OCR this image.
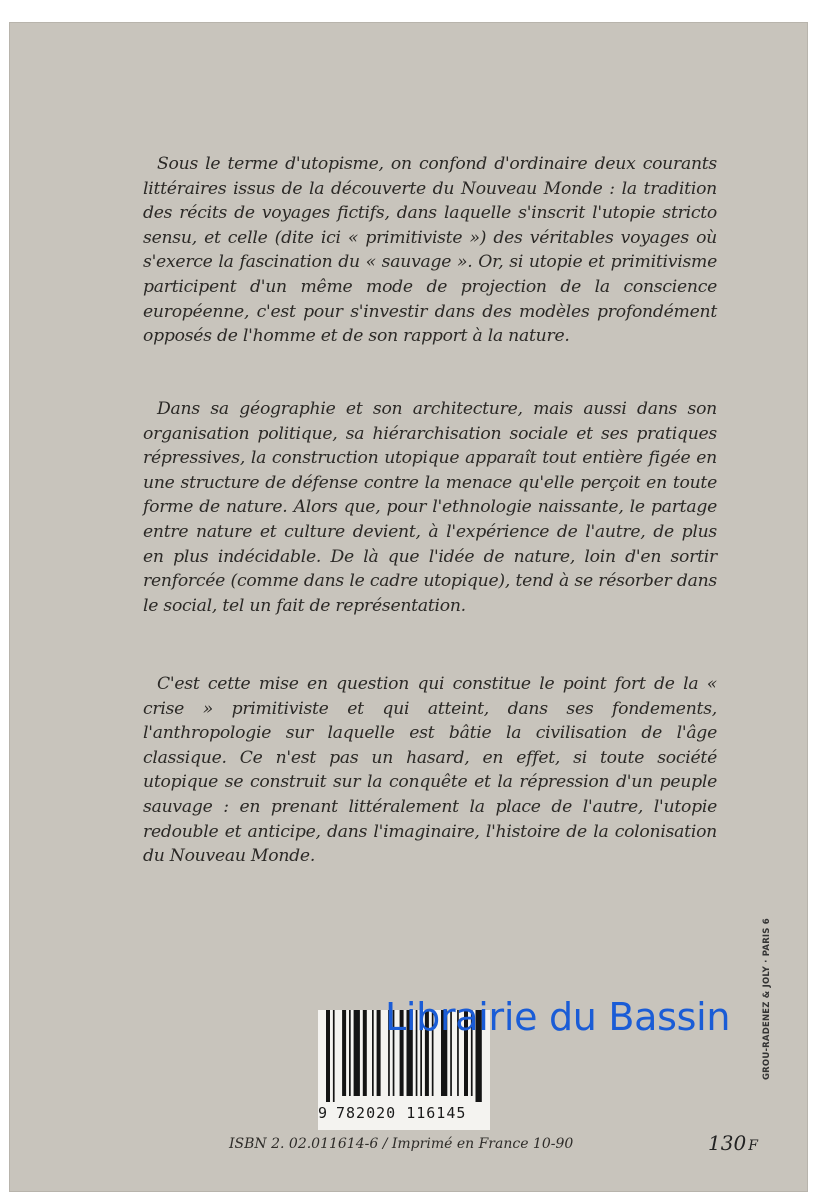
Sous le terme d'utopisme, on confond d'ordinaire deux courants littéraires issus de la découverte du Nouveau Monde : la tradition des récits de voyages fictifs, dans laquelle s'inscrit l'utopie stricto sensu, et celle (dite ici « primitiviste ») des véritables voyages où s'exerce la fascination du « sauvage ». Or, si utopie et primitivisme participent d'un même mode de projection de la conscience européenne, c'est pour s'investir dans des modèles profondément opposés de l'homme et de son rapport à la nature.

Dans sa géographie et son architecture, mais aussi dans son organisation politique, sa hiérarchisation sociale et ses pratiques répressives, la construction utopique apparaît tout entière figée en une structure de défense contre la menace qu'elle perçoit en toute forme de nature. Alors que, pour l'ethnologie naissante, le partage entre nature et culture devient, à l'expérience de l'autre, de plus en plus indécidable. De là que l'idée de nature, loin d'en sortir renforcée (comme dans le cadre utopique), tend à se résorber dans le social, tel un fait de représentation.

C'est cette mise en question qui constitue le point fort de la « crise » primitiviste et qui atteint, dans ses fondements, l'anthropologie sur laquelle est bâtie la civilisation de l'âge classique. Ce n'est pas un hasard, en effet, si toute société utopique se construit sur la conquête et la répression d'un peuple sauvage : en prenant littéralement la place de l'autre, l'utopie redouble et anticipe, dans l'imaginaire, l'histoire de la colonisation du Nouveau Monde.

9 782020 116145
Librairie du Bassin
ISBN 2. 02.011614-6 / Imprimé en France 10-90	130 F
GROU-RADENEZ & JOLY · PARIS 6
